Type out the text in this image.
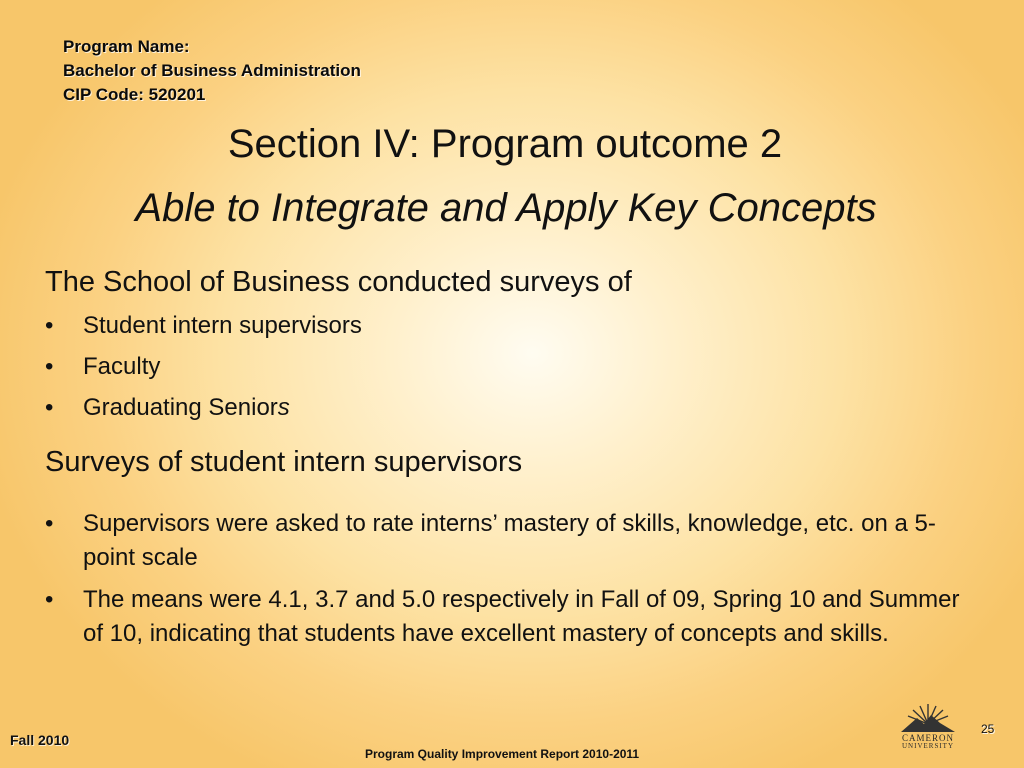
Program Name:
Bachelor of Business Administration
CIP Code: 520201
Section IV: Program outcome 2
Able to Integrate and Apply Key Concepts
The School of Business conducted surveys of
• Student intern supervisors
• Faculty
• Graduating Seniors
Surveys of student intern supervisors
• Supervisors were asked to rate interns’ mastery of skills, knowledge, etc. on a 5-point scale
• The means were 4.1, 3.7 and 5.0 respectively in Fall of 09, Spring 10 and Summer of 10, indicating that students have excellent mastery of concepts and skills.
Fall 2010
Program Quality Improvement Report 2010-2011
CAMERON
UNIVERSITY
25
